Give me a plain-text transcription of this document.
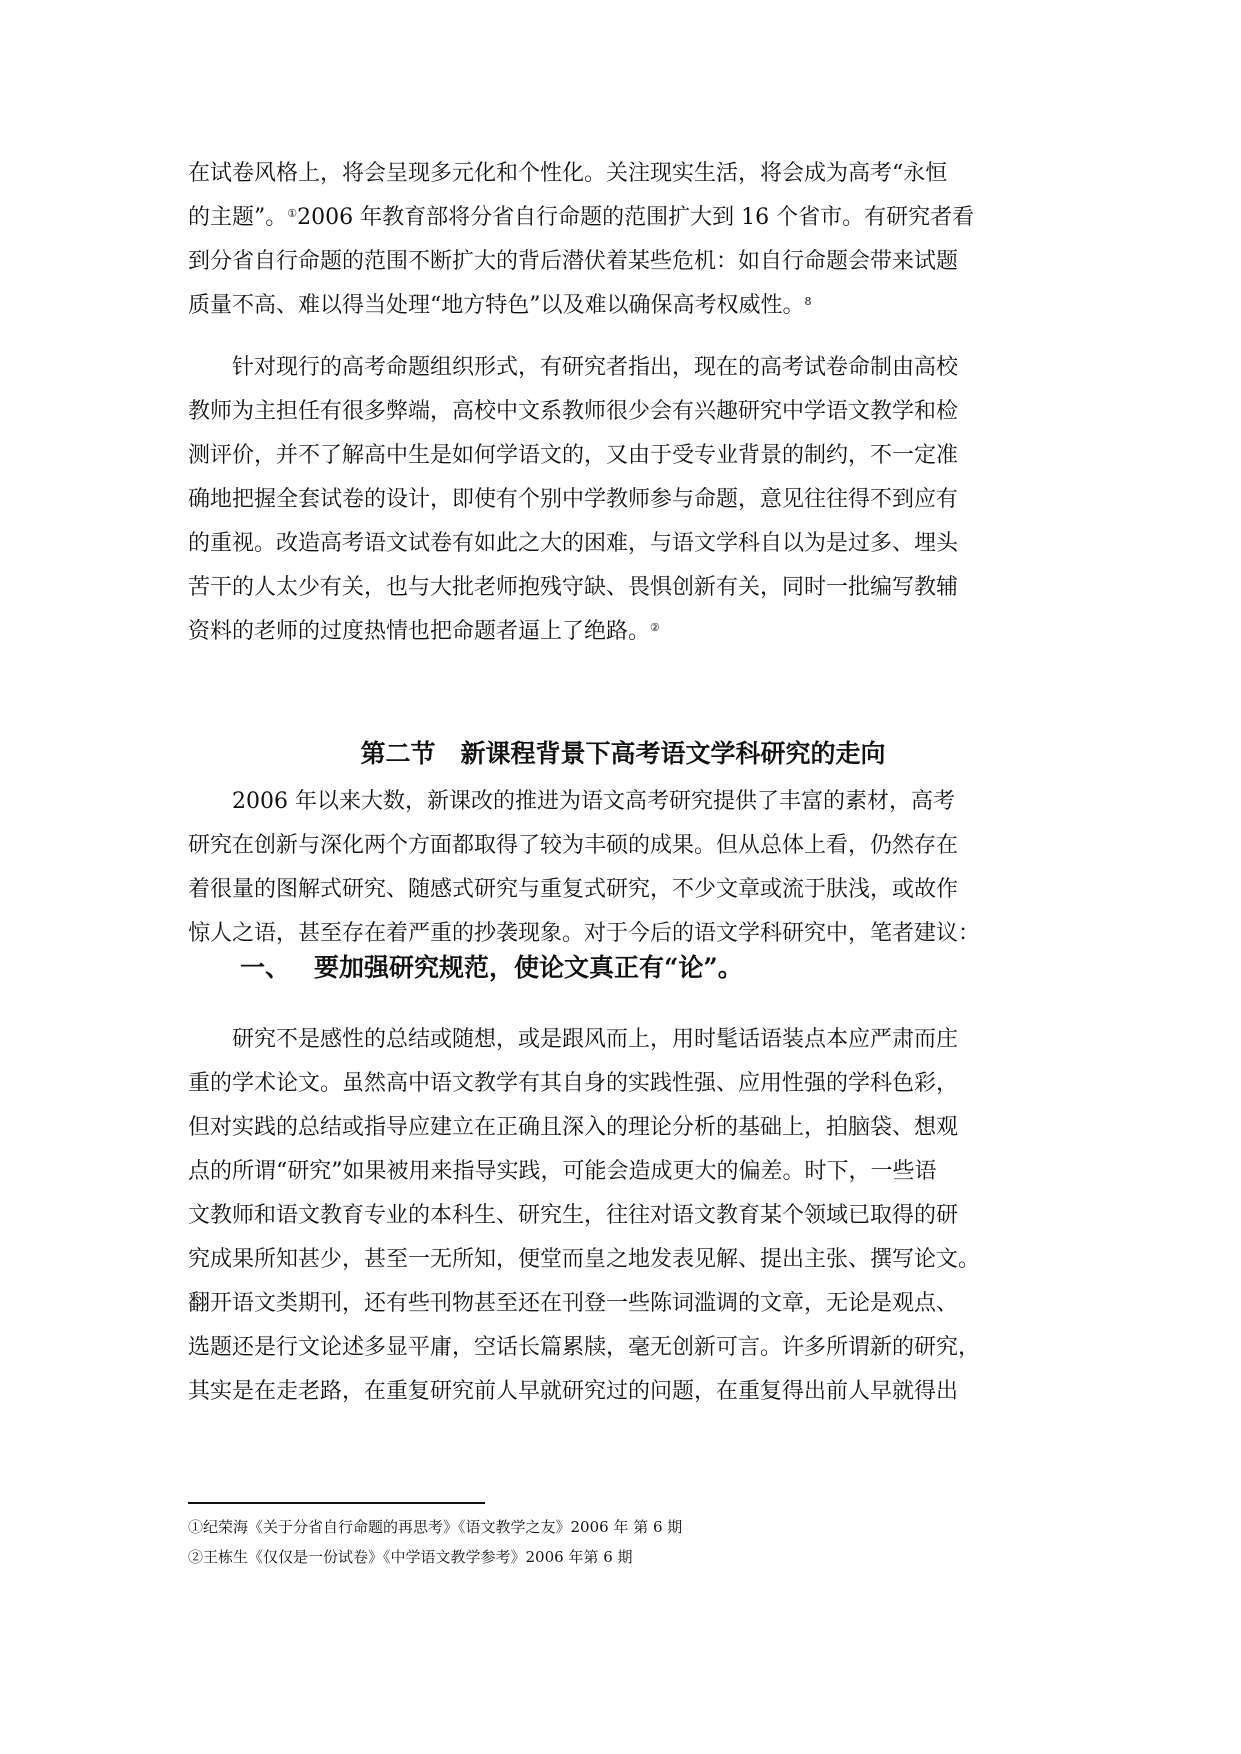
在试卷风格上，将会呈现多元化和个性化。关注现实生活，将会成为高考“永恒
的主题”。①2006 年教育部将分省自行命题的范围扩大到 16 个省市。有研究者看
到分省自行命题的范围不断扩大的背后潜伏着某些危机：如自行命题会带来试题
质量不高、难以得当处理“地方特色”以及难以确保高考权威性。$^8$
针对现行的高考命题组织形式，有研究者指出，现在的高考试卷命制由高校
教师为主担任有很多弊端，高校中文系教师很少会有兴趣研究中学语文教学和检
测评价，并不了解高中生是如何学语文的，又由于受专业背景的制约，不一定准
确地把握全套试卷的设计，即使有个别中学教师参与命题，意见往往得不到应有
的重视。改造高考语文试卷有如此之大的困难，与语文学科自以为是过多、埋头
苦干的人太少有关，也与大批老师抱残守缺、畏惧创新有关，同时一批编写教辅
资料的老师的过度热情也把命题者逼上了绝路。②
第二节　新课程背景下高考语文学科研究的走向
2006 年以来大数，新课改的推进为语文高考研究提供了丰富的素材，高考
研究在创新与深化两个方面都取得了较为丰硕的成果。但从总体上看，仍然存在
着很量的图解式研究、随感式研究与重复式研究，不少文章或流于肤浅，或故作
惊人之语，甚至存在着严重的抄袭现象。对于今后的语文学科研究中，笔者建议：
一、 要加强研究规范，使论文真正有“论”。
研究不是感性的总结或随想，或是跟风而上，用时髦话语装点本应严肃而庄
重的学术论文。虽然高中语文教学有其自身的实践性强、应用性强的学科色彩，
但对实践的总结或指导应建立在正确且深入的理论分析的基础上，拍脑袋、想观
点的所谓“研究”如果被用来指导实践，可能会造成更大的偏差。时下，一些语
文教师和语文教育专业的本科生、研究生，往往对语文教育某个领域已取得的研
究成果所知甚少，甚至一无所知，便堂而皇之地发表见解、提出主张、撰写论文。
翻开语文类期刊，还有些刊物甚至还在刊登一些陈词滥调的文章，无论是观点、
选题还是行文论述多显平庸，空话长篇累牍，毫无创新可言。许多所谓新的研究，
其实是在走老路，在重复研究前人早就研究过的问题，在重复得出前人早就得出
①纪荣海《关于分省自行命题的再思考》《语文教学之友》2006 年 第 6 期
②王栋生《仅仅是一份试卷》《中学语文教学参考》2006 年第 6 期
